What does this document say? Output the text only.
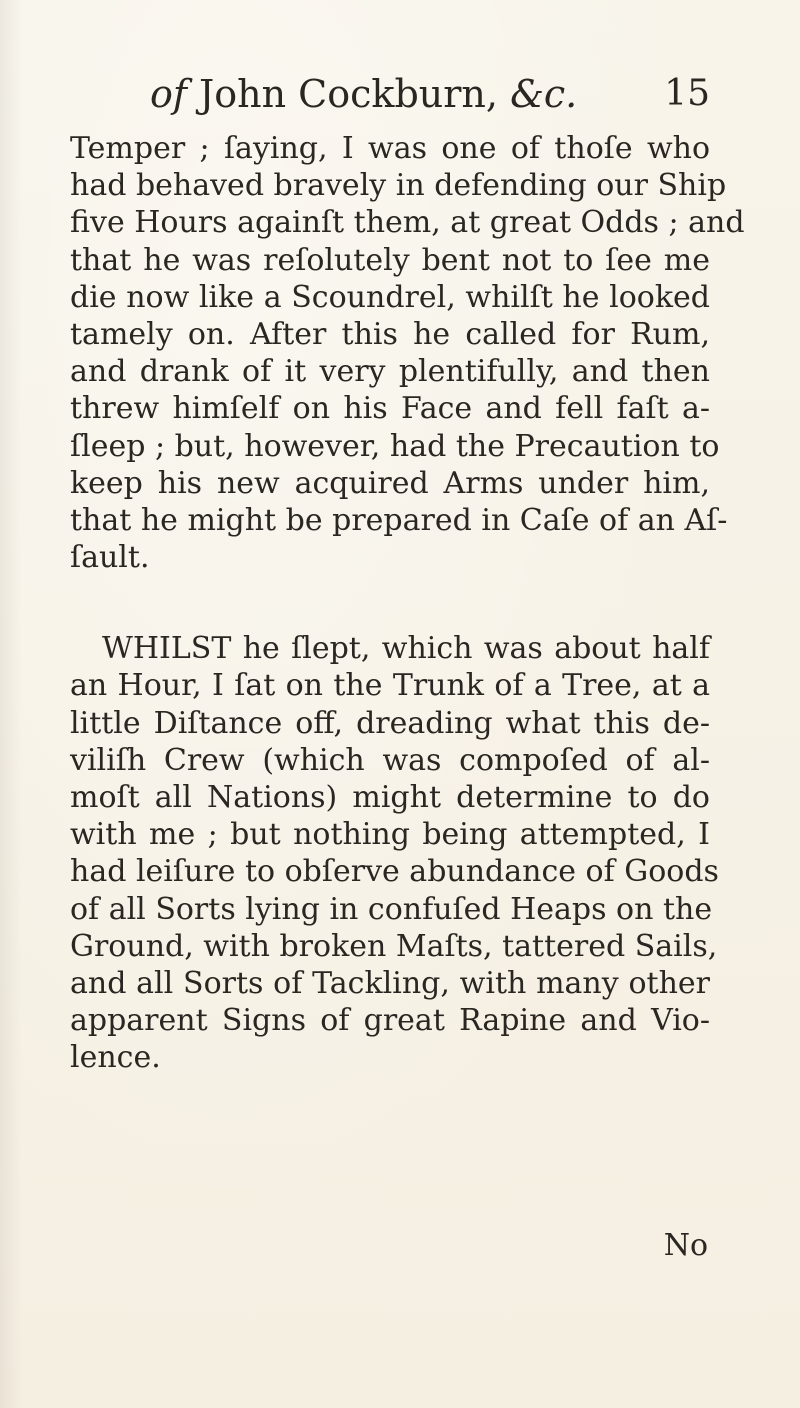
of John Cockburn, &c. 15
Temper ; ſaying, I was one of thoſe who
had behaved bravely in defending our Ship
five Hours againſt them, at great Odds ; and
that he was reſolutely bent not to ſee me
die now like a Scoundrel, whilſt he looked
tamely on. After this he called for Rum,
and drank of it very plentifully, and then
threw himſelf on his Face and fell faſt a-
ſleep ; but, however, had the Precaution to
keep his new acquired Arms under him,
that he might be prepared in Caſe of an Aſ-
ſault.
WHILST he ſlept, which was about half
an Hour, I ſat on the Trunk of a Tree, at a
little Diſtance off, dreading what this de-
viliſh Crew (which was compoſed of al-
moſt all Nations) might determine to do
with me ; but nothing being attempted, I
had leiſure to obſerve abundance of Goods
of all Sorts lying in confuſed Heaps on the
Ground, with broken Maſts, tattered Sails,
and all Sorts of Tackling, with many other
apparent Signs of great Rapine and Vio-
lence.
No
